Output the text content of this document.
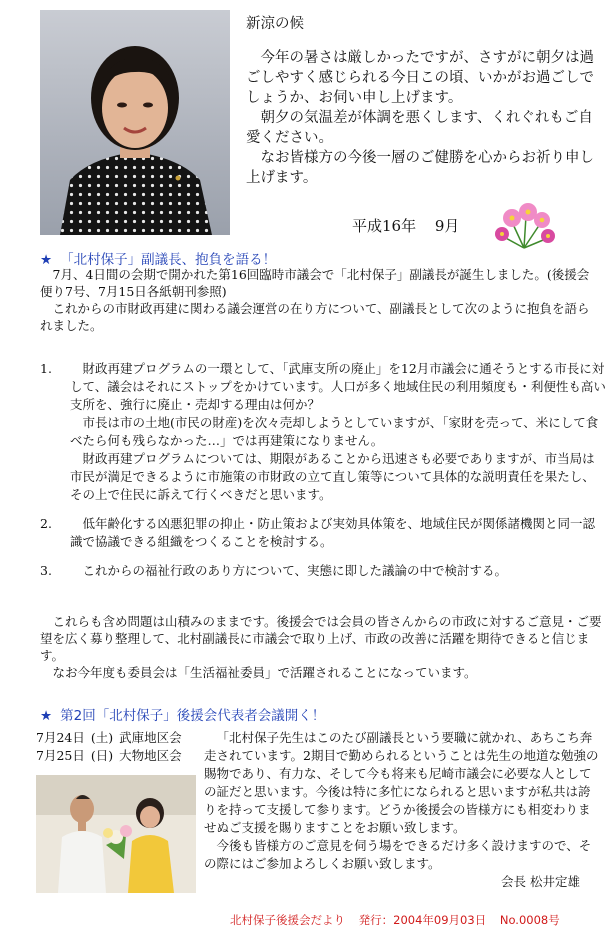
新涼の候

 今年の暑さは厳しかったですが、さすがに朝夕は過ごしやすく感じられる今日この頃、いかがお過ごしでしょうか、お伺い申し上げます。

 朝夕の気温差が体調を悪くします、くれぐれもご自愛ください。

 なお皆様方の今後一層のご健勝を心からお祈り申し上げます。

平成16年 9月
★ 「北村保子」副議長、抱負を語る！

 7月、4日間の会期で開かれた第16回臨時市議会で「北村保子」副議長が誕生しました。(後援会便り7号、7月15日各紙朝刊参照)

 これからの市財政再建に関わる議会運営の在り方について、副議長として次のように抱負を語られました。

1.

 	財政再建プログラムの一環として、「武庫支所の廃止」を12月市議会に通そうとする市長に対して、議会はそれにストップをかけています。人口が多く地域住民の利用頻度も・利便性も高い支所を、強行に廃止・売却する理由は何か？

 市長は市の土地(市民の財産)を次々売却しようとしていますが、「家財を売って、米にして食べたら何も残らなかった…」では再建策になりません。

 財政再建プログラムについては、期限があることから迅速さも必要でありますが、市当局は市民が満足できるように市施策の市財政の立て直し策等について具体的な説明責任を果たし、その上で住民に訴えて行くべきだと思います。

2.

 	低年齢化する凶悪犯罪の抑止・防止策および実効具体策を、地域住民が関係諸機関と同一認識で協議できる組織をつくることを検討する。

3.

 	これからの福祉行政のあり方について、実態に即した議論の中で検討する。

 これらも含め問題は山積みのままです。後援会では会員の皆さんからの市政に対するご意見・ご要望を広く募り整理して、北村副議長に市議会で取り上げ、市政の改善に活躍を期待できると信じます。

 なお今年度も委員会は「生活福祉委員」で活躍されることになっています。

★ 第2回「北村保子」後援会代表者会議開く！
7月24日 (土) 武庫地区会
7月25日 (日) 大物地区会

 「北村保子先生はこのたび副議長という要職に就かれ、あちこち奔走されています。2期目で勤められるということは先生の地道な勉強の賜物であり、有力な、そして今も将来も尼崎市議会に必要な人としての証だと思います。今後は特に多忙になられると思いますが私共は誇りを持って支援して参ります。どうか後援会の皆様方にも相変わりませぬご支援を賜りますことをお願い致します。

 今後も皆様方のご意見を伺う場をできるだけ多く設けますので、その際にはご参加よろしくお願い致します。

会長 松井定雄

北村保子後援会だより 発行：2004年09月03日 No.0008号
